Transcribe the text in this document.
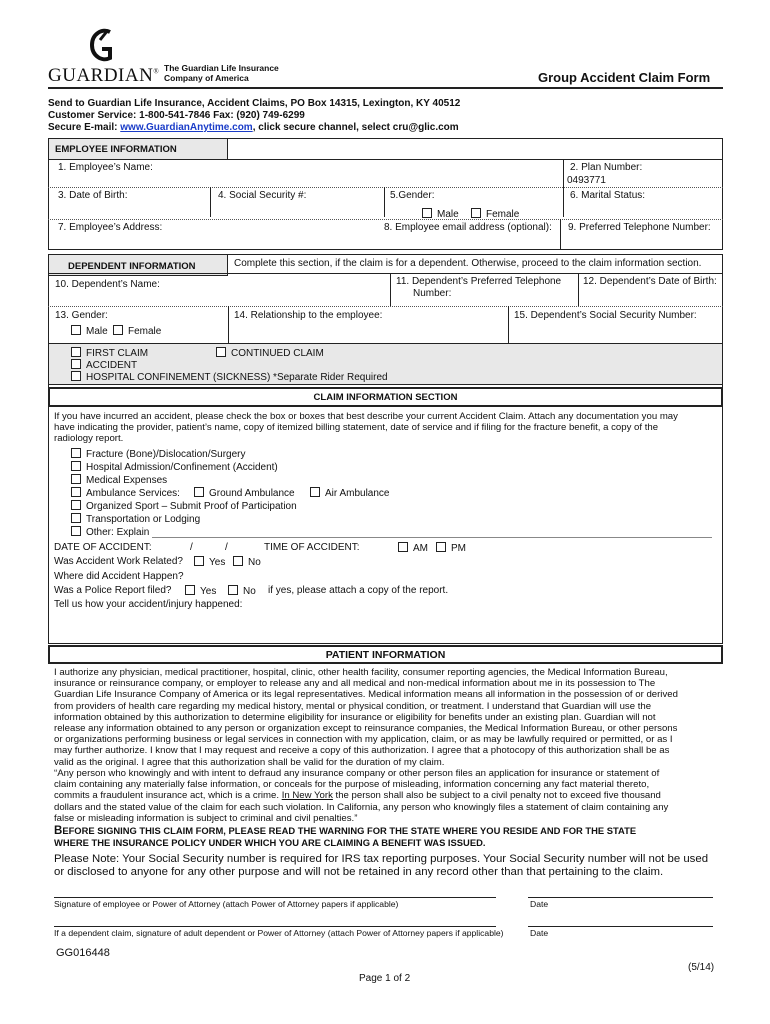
GUARDIAN® The Guardian Life Insurance
Company of America	Group Accident Claim Form
Send to Guardian Life Insurance, Accident Claims, PO Box 14315, Lexington, KY 40512
Customer Service: 1-800-541-7846 Fax: (920) 749-6299
Secure E-mail: www.GuardianAnytime.com, click secure channel, select cru@glic.com
EMPLOYEE INFORMATION
1. Employee’s Name:	2. Plan Number:
0493771
3. Date of Birth:	4. Social Security #:	5.Gender:	6. Marital Status:
Male	Female
7. Employee’s Address:	8. Employee email address (optional): 9. Preferred Telephone Number:
DEPENDENT INFORMATION	Complete this section, if the claim is for a dependent. Otherwise, proceed to the claim information section.
10. Dependent’s Name:	11. Dependent’s Preferred Telephone
Number:
12. Dependent’s Date of Birth:
13. Gender:
Male	Female
14. Relationship to the employee:	15. Dependent’s Social Security Number:
FIRST CLAIM	CONTINUED CLAIM
ACCIDENT
HOSPITAL CONFINEMENT (SICKNESS) *Separate Rider Required
CLAIM INFORMATION SECTION
If you have incurred an accident, please check the box or boxes that best describe your current Accident Claim. Attach any documentation you may
have indicating the provider, patient’s name, copy of itemized billing statement, date of service and if filing for the fracture benefit, a copy of the
radiology report.
Fracture (Bone)/Dislocation/Surgery
Hospital Admission/Confinement (Accident)
Medical Expenses
Ambulance Services:	Ground Ambulance	Air Ambulance
Organized Sport – Submit Proof of Participation
Transportation or Lodging
Other: Explain
DATE OF ACCIDENT:	/	/	TIME OF ACCIDENT:	AM	PM
Was Accident Work Related?	Yes	No
Where did Accident Happen?
Was a Police Report filed?	Yes	No if yes, please attach a copy of the report.
Tell us how your accident/injury happened:
PATIENT INFORMATION
I authorize any physician, medical practitioner, hospital, clinic, other health facility, consumer reporting agencies, the Medical Information Bureau,
insurance or reinsurance company, or employer to release any and all medical and non-medical information about me in its possession to The
Guardian Life Insurance Company of America or its legal representatives. Medical information means all information in the possession of or derived
from providers of health care regarding my medical history, mental or physical condition, or treatment. I understand that Guardian will use the
information obtained by this authorization to determine eligibility for insurance or eligibility for benefits under an existing plan. Guardian will not
release any information obtained to any person or organization except to reinsurance companies, the Medical Information Bureau, or other persons
or organizations performing business or legal services in connection with my application, claim, or as may be lawfully required or permitted, or as I
may further authorize. I know that I may request and receive a copy of this authorization. I agree that a photocopy of this authorization shall be as
valid as the original. I agree that this authorization shall be valid for the duration of my claim.
“Any person who knowingly and with intent to defraud any insurance company or other person files an application for insurance or statement of
claim containing any materially false information, or conceals for the purpose of misleading, information concerning any fact material thereto,
commits a fraudulent insurance act, which is a crime. In New York the person shall also be subject to a civil penalty not to exceed five thousand
dollars and the stated value of the claim for each such violation. In California, any person who knowingly files a statement of claim containing any
false or misleading information is subject to criminal and civil penalties.”
BEFORE SIGNING THIS CLAIM FORM, PLEASE READ THE WARNING FOR THE STATE WHERE YOU RESIDE AND FOR THE STATE
WHERE THE INSURANCE POLICY UNDER WHICH YOU ARE CLAIMING A BENEFIT WAS ISSUED.
Please Note: Your Social Security number is required for IRS tax reporting purposes. Your Social Security number will not be used
or disclosed to anyone for any other purpose and will not be retained in any record other than that pertaining to the claim.
Signature of employee or Power of Attorney (attach Power of Attorney papers if applicable)	Date
If a dependent claim, signature of adult dependent or Power of Attorney (attach Power of Attorney papers if applicable)	Date
GG016448
(5/14)
Page 1 of 2
